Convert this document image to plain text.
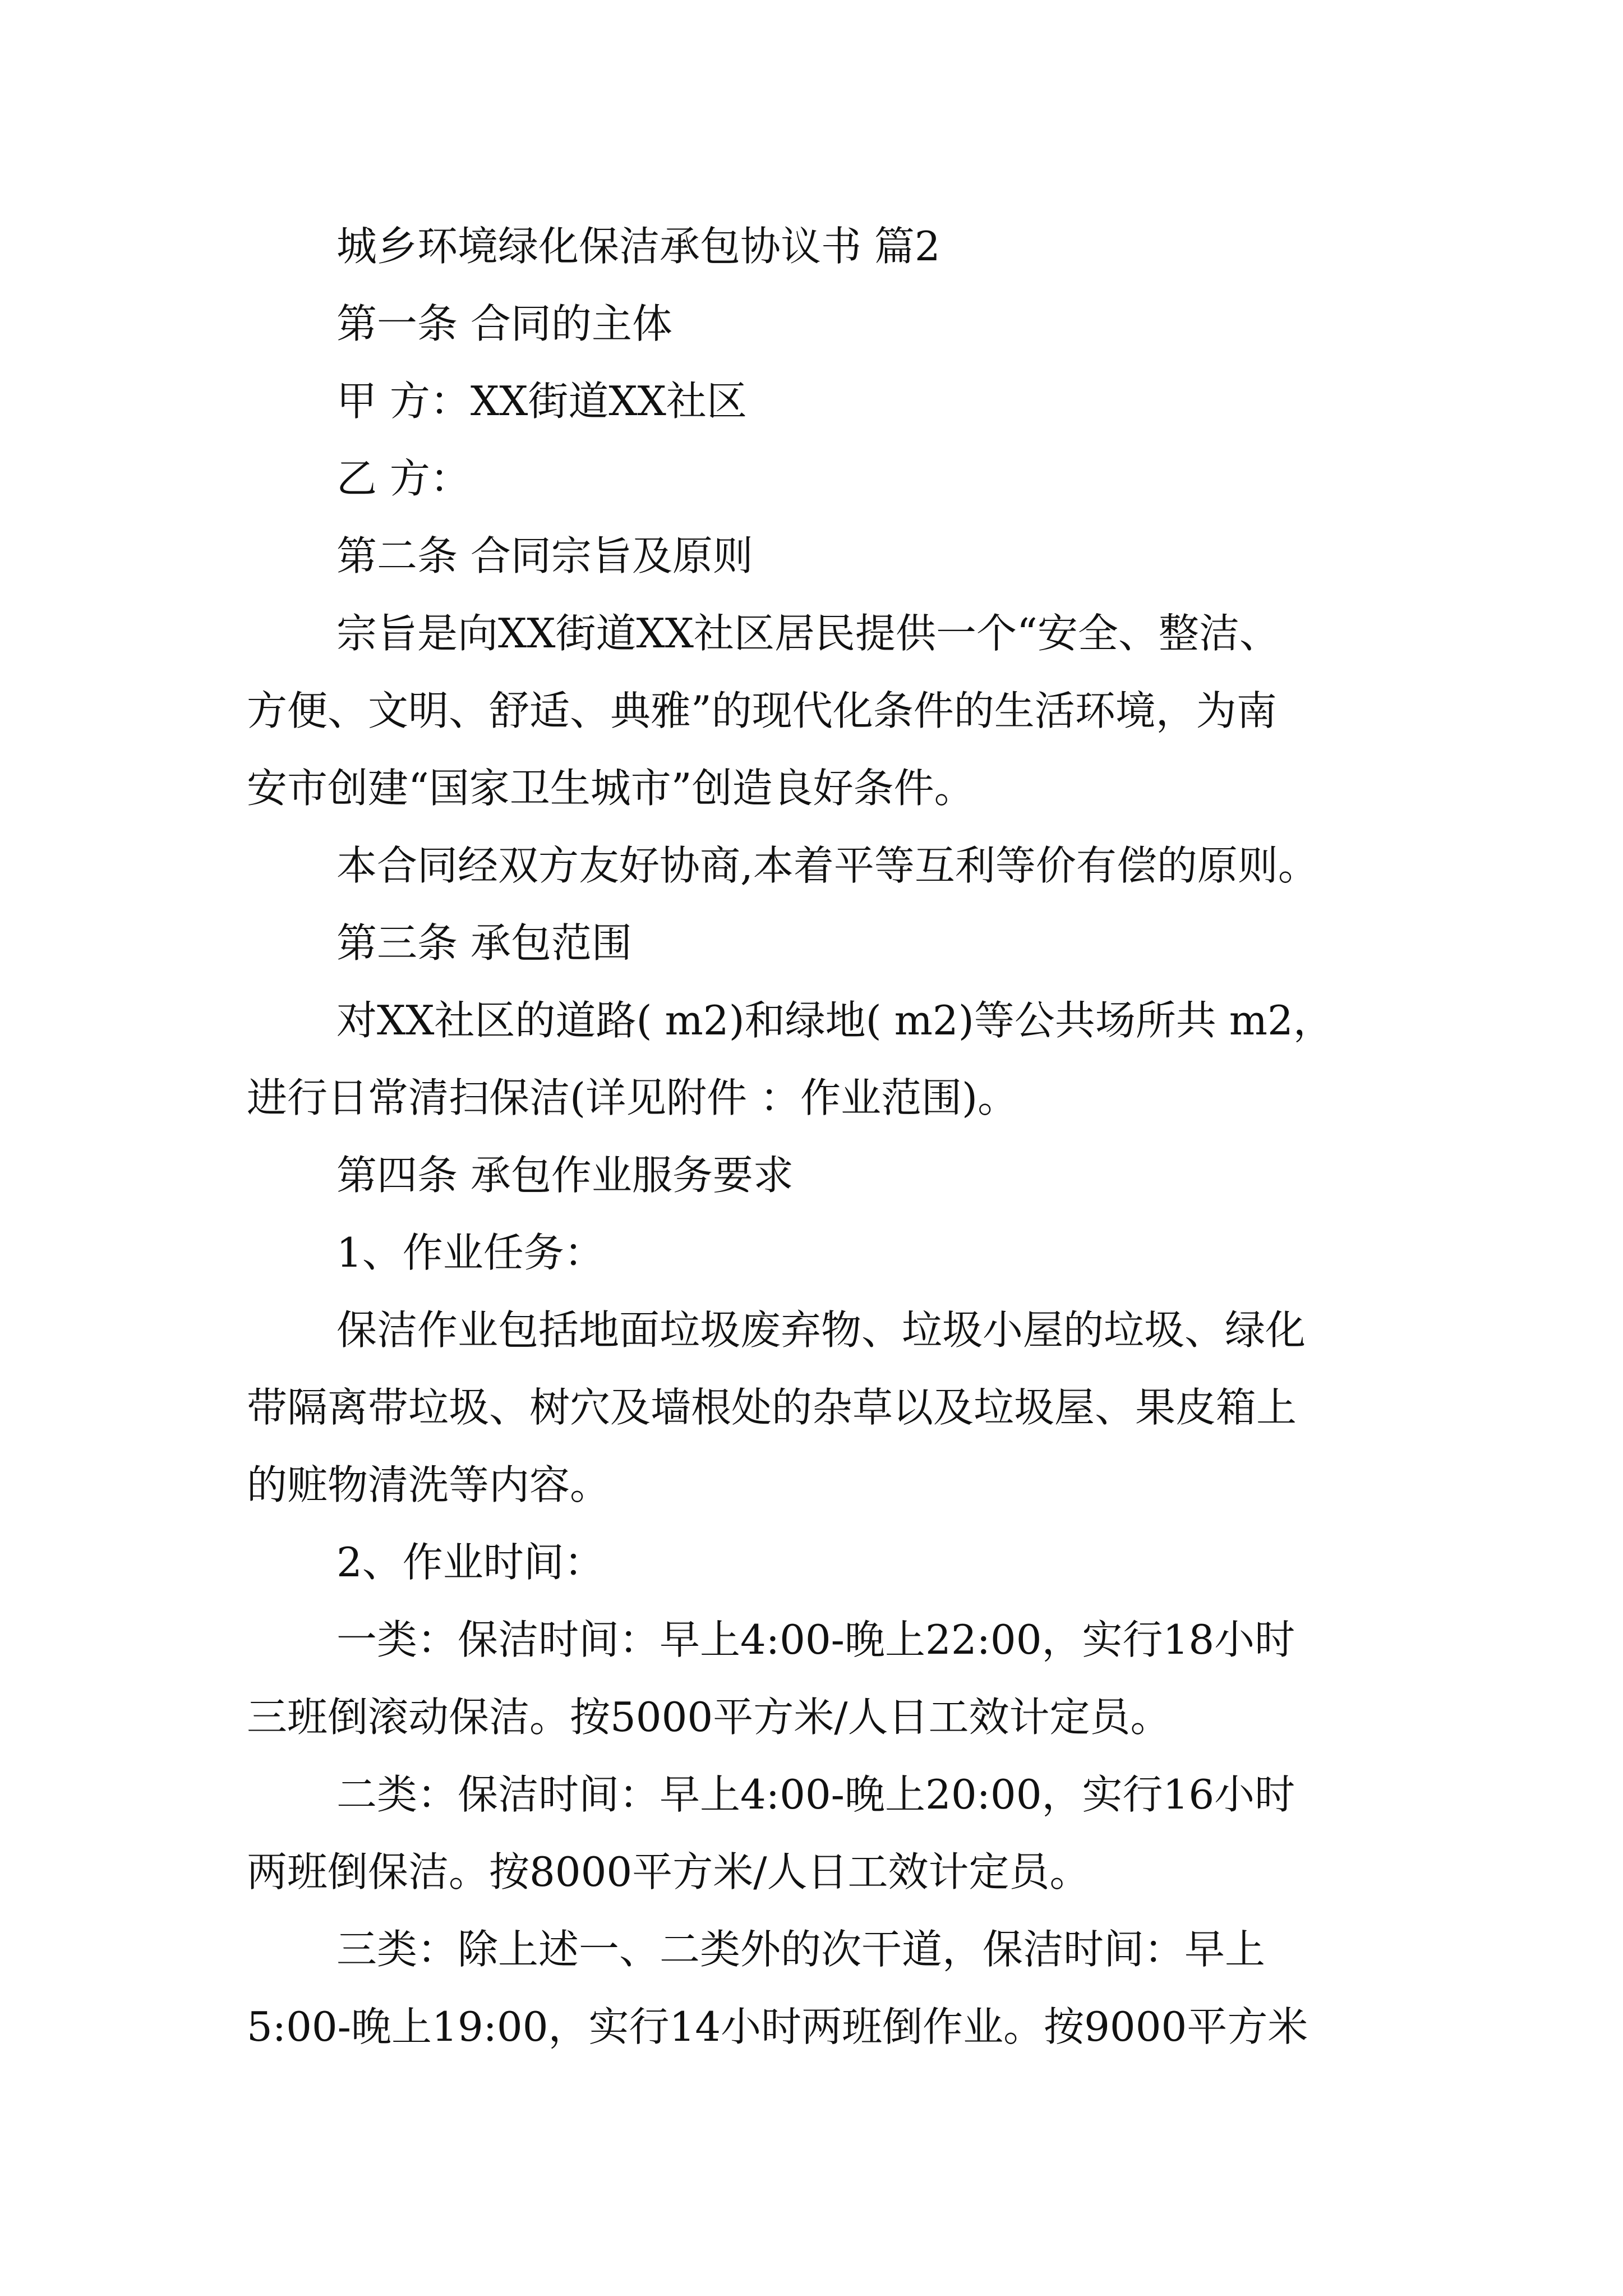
城乡环境绿化保洁承包协议书 篇2
第一条 合同的主体
甲 方：XX街道XX社区
乙 方：
第二条 合同宗旨及原则
宗旨是向XX街道XX社区居民提供一个“安全、整洁、
方便、文明、舒适、典雅”的现代化条件的生活环境，为南
安市创建“国家卫生城市”创造良好条件。
本合同经双方友好协商,本着平等互利等价有偿的原则。
第三条 承包范围
对XX社区的道路( m2)和绿地( m2)等公共场所共 m2，
进行日常清扫保洁(详见附件 ：作业范围)。
第四条 承包作业服务要求
1、作业任务：
保洁作业包括地面垃圾废弃物、垃圾小屋的垃圾、绿化
带隔离带垃圾、树穴及墙根处的杂草以及垃圾屋、果皮箱上
的赃物清洗等内容。
2、作业时间：
一类：保洁时间：早上4:00-晚上22:00，实行18小时
三班倒滚动保洁。按5000平方米/人日工效计定员。
二类：保洁时间：早上4:00-晚上20:00，实行16小时
两班倒保洁。按8000平方米/人日工效计定员。
三类：除上述一、二类外的次干道，保洁时间：早上
5:00-晚上19:00，实行14小时两班倒作业。按9000平方米
